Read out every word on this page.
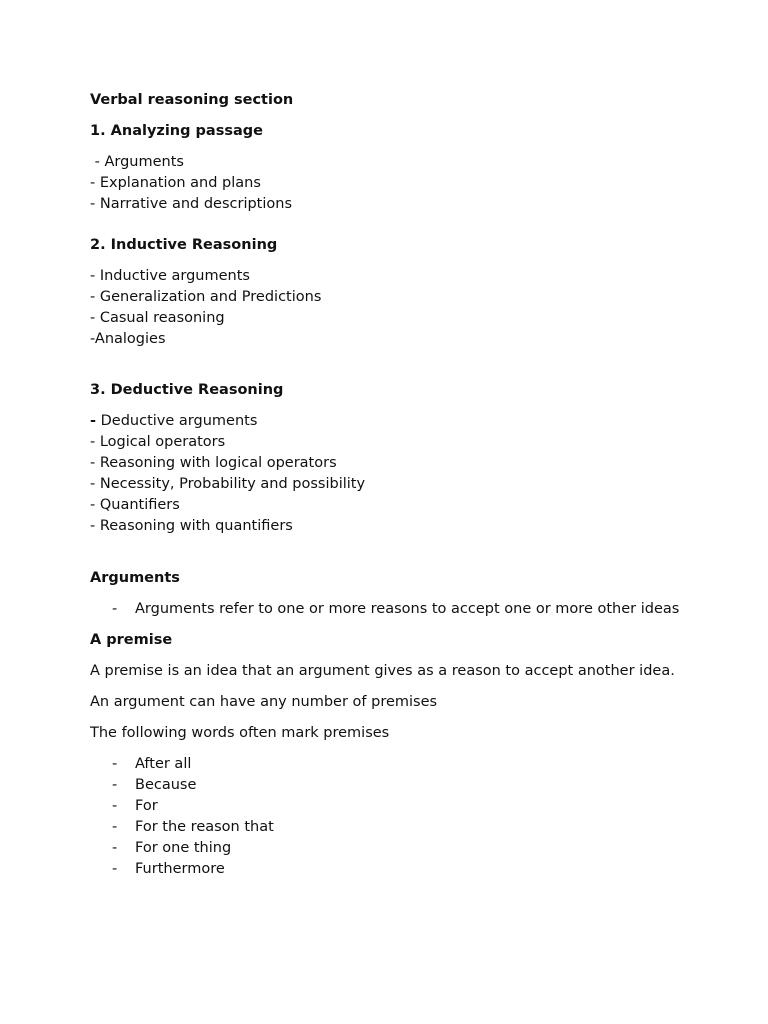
Verbal reasoning section

1. Analyzing passage

- Arguments
- Explanation and plans
- Narrative and descriptions

2. Inductive Reasoning

- Inductive arguments
- Generalization and Predictions
- Casual reasoning
-Analogies

3. Deductive Reasoning

- Deductive arguments
- Logical operators
- Reasoning with logical operators
- Necessity, Probability and possibility
- Quantifiers
- Reasoning with quantifiers

Arguments

- Arguments refer to one or more reasons to accept one or more other ideas

A premise

A premise is an idea that an argument gives as a reason to accept another idea.

An argument can have any number of premises

The following words often mark premises

- After all
- Because
- For
- For the reason that
- For one thing
- Furthermore
